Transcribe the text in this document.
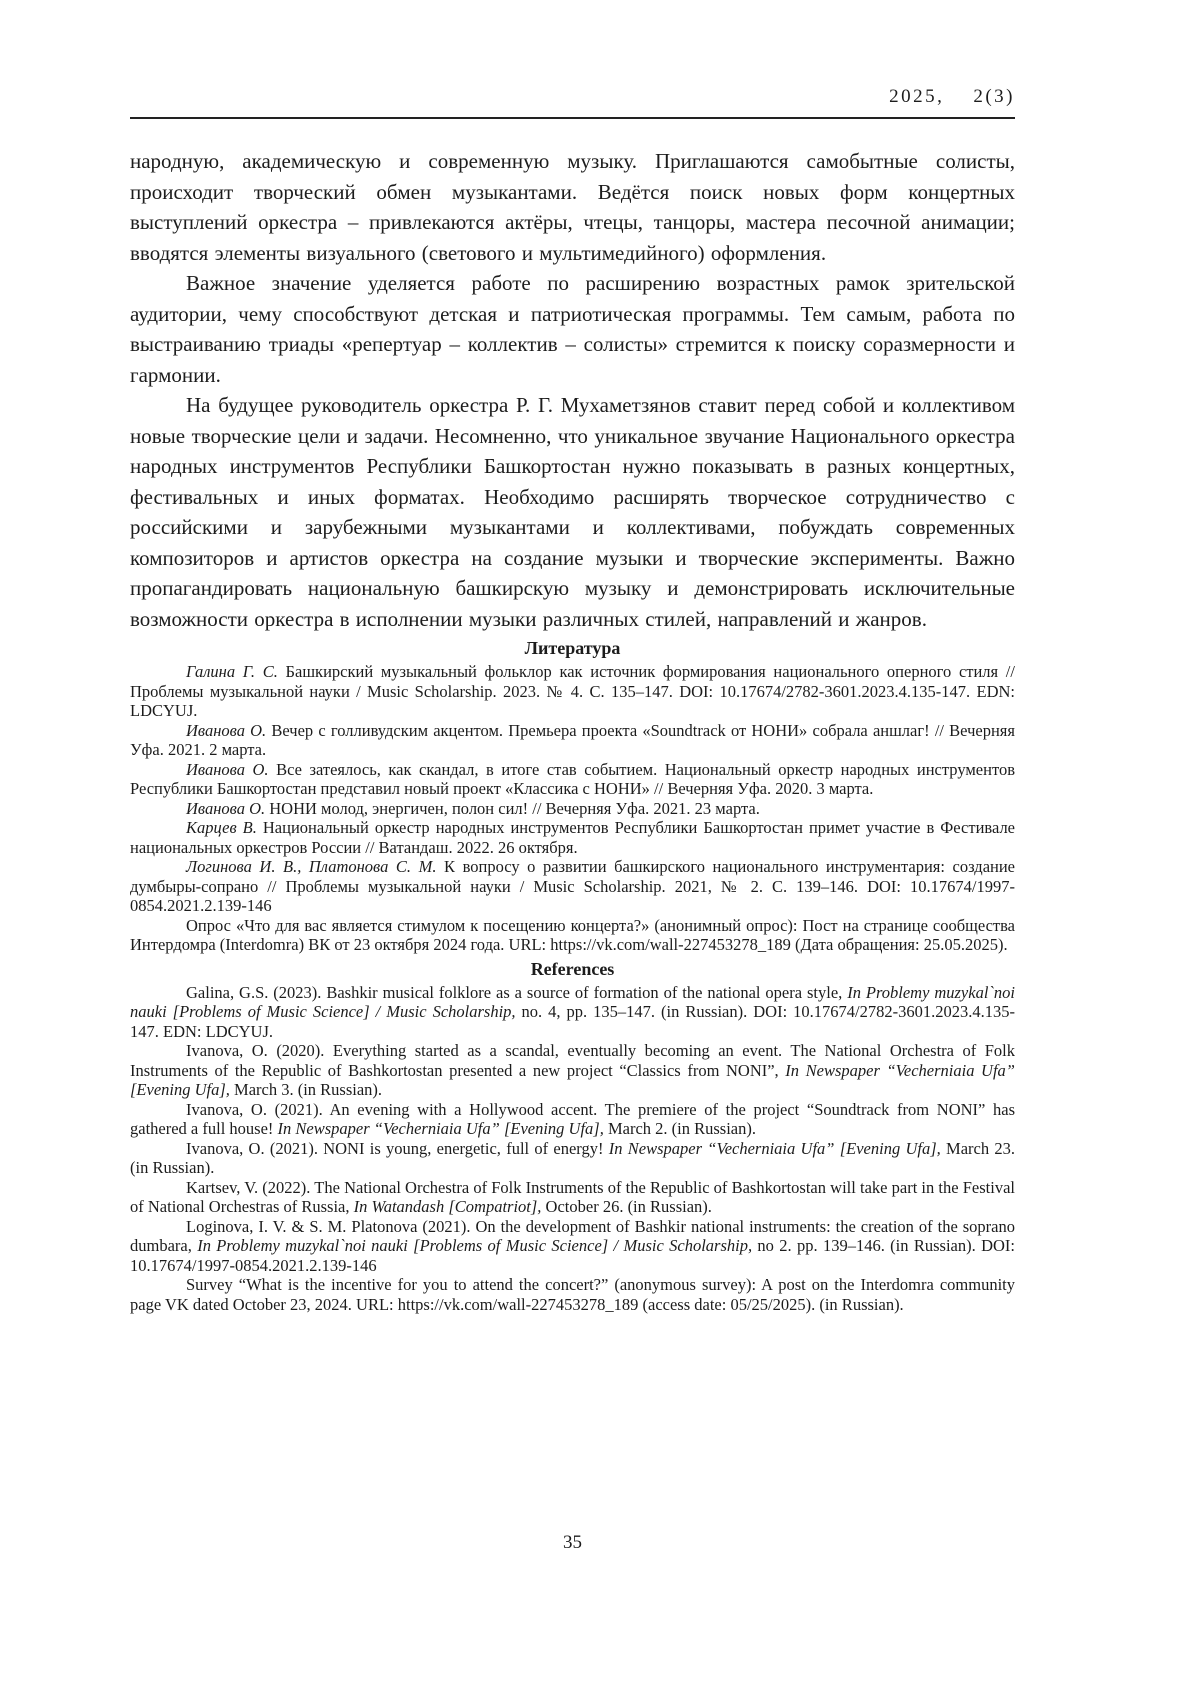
2025,    2(3)

народную, академическую и современную музыку. Приглашаются самобытные солисты, происходит творческий обмен музыкантами. Ведётся поиск новых форм концертных выступлений оркестра – привлекаются актёры, чтецы, танцоры, мастера песочной анимации; вводятся элементы визуального (светового и мультимедийного) оформления.

Важное значение уделяется работе по расширению возрастных рамок зрительской аудитории, чему способствуют детская и патриотическая программы. Тем самым, работа по выстраиванию триады «репертуар – коллектив – солисты» стремится к поиску соразмерности и гармонии.

На будущее руководитель оркестра Р. Г. Мухаметзянов ставит перед собой и коллективом новые творческие цели и задачи. Несомненно, что уникальное звучание Национального оркестра народных инструментов Республики Башкортостан нужно показывать в разных концертных, фестивальных и иных форматах. Необходимо расширять творческое сотрудничество с российскими и зарубежными музыкантами и коллективами, побуждать современных композиторов и артистов оркестра на создание музыки и творческие эксперименты. Важно пропагандировать национальную башкирскую музыку и демонстрировать исключительные возможности оркестра в исполнении музыки различных стилей, направлений и жанров.

Литература

Галина Г. С. Башкирский музыкальный фольклор как источник формирования национального оперного стиля // Проблемы музыкальной науки / Music Scholarship. 2023. № 4. С. 135–147. DOI: 10.17674/2782-3601.2023.4.135-147. EDN: LDCYUJ.

Иванова О. Вечер с голливудским акцентом. Премьера проекта «Soundtrack от НОНИ» собрала аншлаг! // Вечерняя Уфа. 2021. 2 марта.

Иванова О. Все затеялось, как скандал, в итоге став событием. Национальный оркестр народных инструментов Республики Башкортостан представил новый проект «Классика с НОНИ» // Вечерняя Уфа. 2020. 3 марта.

Иванова О. НОНИ молод, энергичен, полон сил! // Вечерняя Уфа. 2021. 23 марта.

Карцев В. Национальный оркестр народных инструментов Республики Башкортостан примет участие в Фестивале национальных оркестров России // Ватандаш. 2022. 26 октября.

Логинова И. В., Платонова С. М. К вопросу о развитии башкирского национального инструментария: создание думбыры-сопрано // Проблемы музыкальной науки / Music Scholarship. 2021, № 2. С. 139–146. DOI: 10.17674/1997-0854.2021.2.139-146

Опрос «Что для вас является стимулом к посещению концерта?» (анонимный опрос): Пост на странице сообщества Интердомра (Interdomra) ВК от 23 октября 2024 года. URL: https://vk.com/wall-227453278_189 (Дата обращения: 25.05.2025).

References

Galina, G.S. (2023). Bashkir musical folklore as a source of formation of the national opera style, In Problemy muzykal`noi nauki [Problems of Music Science] / Music Scholarship, no. 4, pp. 135–147. (in Russian). DOI: 10.17674/2782-3601.2023.4.135-147. EDN: LDCYUJ.

Ivanova, O. (2020). Everything started as a scandal, eventually becoming an event. The National Orchestra of Folk Instruments of the Republic of Bashkortostan presented a new project “Classics from NONI”, In Newspaper “Vecherniaia Ufa” [Evening Ufa], March 3. (in Russian).

Ivanova, O. (2021). An evening with a Hollywood accent. The premiere of the project “Soundtrack from NONI” has gathered a full house! In Newspaper “Vecherniaia Ufa” [Evening Ufa], March 2. (in Russian).

Ivanova, O. (2021). NONI is young, energetic, full of energy! In Newspaper “Vecherniaia Ufa” [Evening Ufa], March 23. (in Russian).

Kartsev, V. (2022). The National Orchestra of Folk Instruments of the Republic of Bashkortostan will take part in the Festival of National Orchestras of Russia, In Watandash [Compatriot], October 26. (in Russian).

Loginova, I. V. & S. M. Platonova (2021). On the development of Bashkir national instruments: the creation of the soprano dumbara, In Problemy muzykal`noi nauki [Problems of Music Science] / Music Scholarship, no 2. pp. 139–146. (in Russian). DOI: 10.17674/1997-0854.2021.2.139-146

Survey “What is the incentive for you to attend the concert?” (anonymous survey): A post on the Interdomra community page VK dated October 23, 2024. URL: https://vk.com/wall-227453278_189 (access date: 05/25/2025). (in Russian).

35
